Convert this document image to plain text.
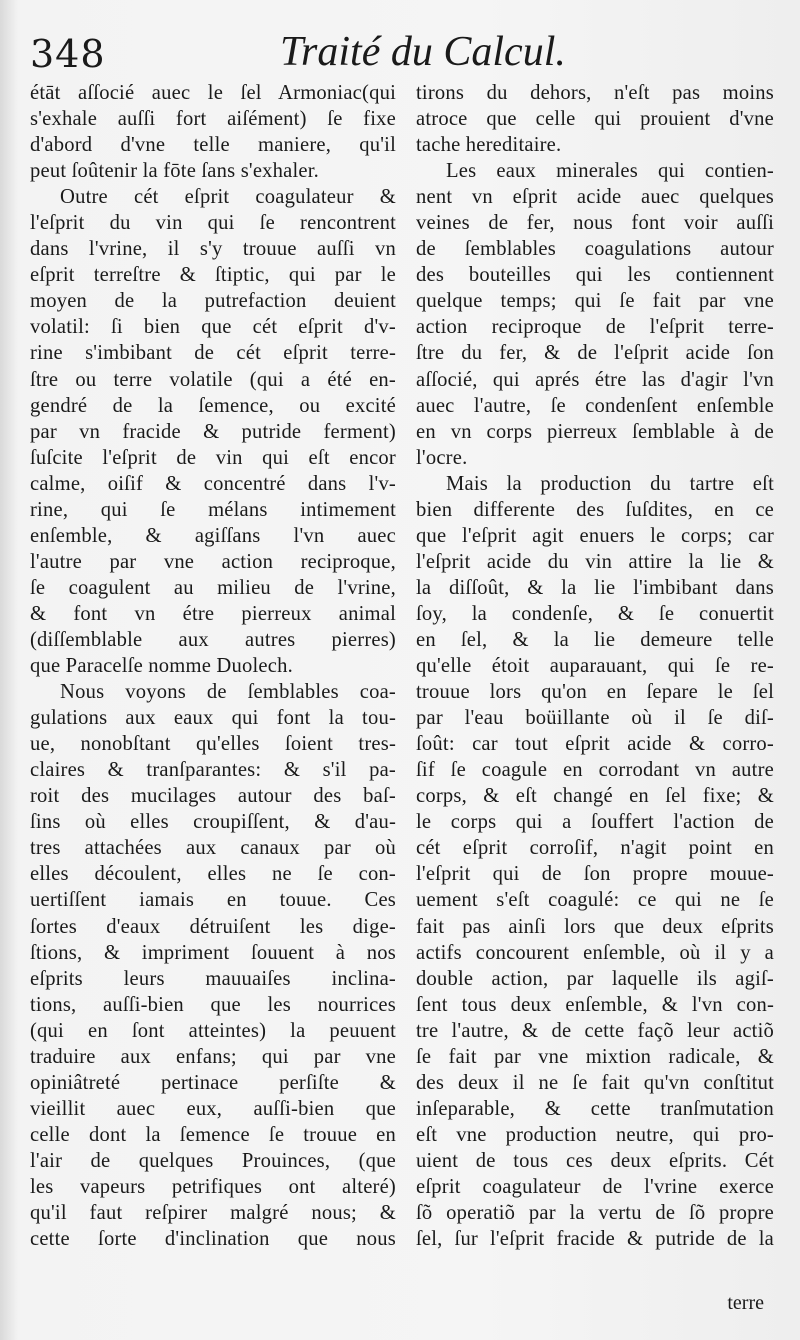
348	Traité du Calcul.
étāt aſſocié auec le ſel Armoniac(qui
s'exhale auſſi fort aiſément) ſe fixe
d'abord d'vne telle maniere, qu'il
peut ſoûtenir la fōte ſans s'exhaler.
Outre cét eſprit coagulateur &
l'eſprit du vin qui ſe rencontrent
dans l'vrine, il s'y trouue auſſi vn
eſprit terreſtre & ſtiptic, qui par le
moyen de la putrefaction deuient
volatil: ſi bien que cét eſprit d'v-
rine s'imbibant de cét eſprit terre-
ſtre ou terre volatile (qui a été en-
gendré de la ſemence, ou excité
par vn fracide & putride ferment)
ſuſcite l'eſprit de vin qui eſt encor
calme, oiſif & concentré dans l'v-
rine, qui ſe mélans intimement
enſemble, & agiſſans l'vn auec
l'autre par vne action reciproque,
ſe coagulent au milieu de l'vrine,
& font vn étre pierreux animal
(diſſemblable aux autres pierres)
que Paracelſe nomme Duolech.
Nous voyons de ſemblables coa-
gulations aux eaux qui font la tou-
ue, nonobſtant qu'elles ſoient tres-
claires & tranſparantes: & s'il pa-
roit des mucilages autour des baſ-
ſins où elles croupiſſent, & d'au-
tres attachées aux canaux par où
elles découlent, elles ne ſe con-
uertiſſent iamais en touue. Ces
ſortes d'eaux détruiſent les dige-
ſtions, & impriment ſouuent à nos
eſprits leurs mauuaiſes inclina-
tions, auſſi-bien que les nourrices
(qui en ſont atteintes) la peuuent
traduire aux enfans; qui par vne
opiniâtreté pertinace perſiſte &
vieillit auec eux, auſſi-bien que
celle dont la ſemence ſe trouue en
l'air de quelques Prouinces, (que
les vapeurs petrifiques ont alteré)
qu'il faut reſpirer malgré nous; &
cette ſorte d'inclination que nous
tirons du dehors, n'eſt pas moins
atroce que celle qui prouient d'vne
tache hereditaire.
Les eaux minerales qui contien-
nent vn eſprit acide auec quelques
veines de fer, nous font voir auſſi
de ſemblables coagulations autour
des bouteilles qui les contiennent
quelque temps; qui ſe fait par vne
action reciproque de l'eſprit terre-
ſtre du fer, & de l'eſprit acide ſon
aſſocié, qui aprés étre las d'agir l'vn
auec l'autre, ſe condenſent enſemble
en vn corps pierreux ſemblable à de
l'ocre.
Mais la production du tartre eſt
bien differente des ſuſdites, en ce
que l'eſprit agit enuers le corps; car
l'eſprit acide du vin attire la lie &
la diſſoût, & la lie l'imbibant dans
ſoy, la condenſe, & ſe conuertit
en ſel, & la lie demeure telle
qu'elle étoit auparauant, qui ſe re-
trouue lors qu'on en ſepare le ſel
par l'eau boüillante où il ſe diſ-
ſoût: car tout eſprit acide & corro-
ſif ſe coagule en corrodant vn autre
corps, & eſt changé en ſel fixe; &
le corps qui a ſouffert l'action de
cét eſprit corroſif, n'agit point en
l'eſprit qui de ſon propre mouue-
uement s'eſt coagulé: ce qui ne ſe
fait pas ainſi lors que deux eſprits
actifs concourent enſemble, où il y a
double action, par laquelle ils agiſ-
ſent tous deux enſemble, & l'vn con-
tre l'autre, & de cette façõ leur actiõ
ſe fait par vne mixtion radicale, &
des deux il ne ſe fait qu'vn conſtitut
inſeparable, & cette tranſmutation
eſt vne production neutre, qui pro-
uient de tous ces deux eſprits. Cét
eſprit coagulateur de l'vrine exerce
ſõ operatiõ par la vertu de ſõ propre
ſel, ſur l'eſprit fracide & putride de la
terre
